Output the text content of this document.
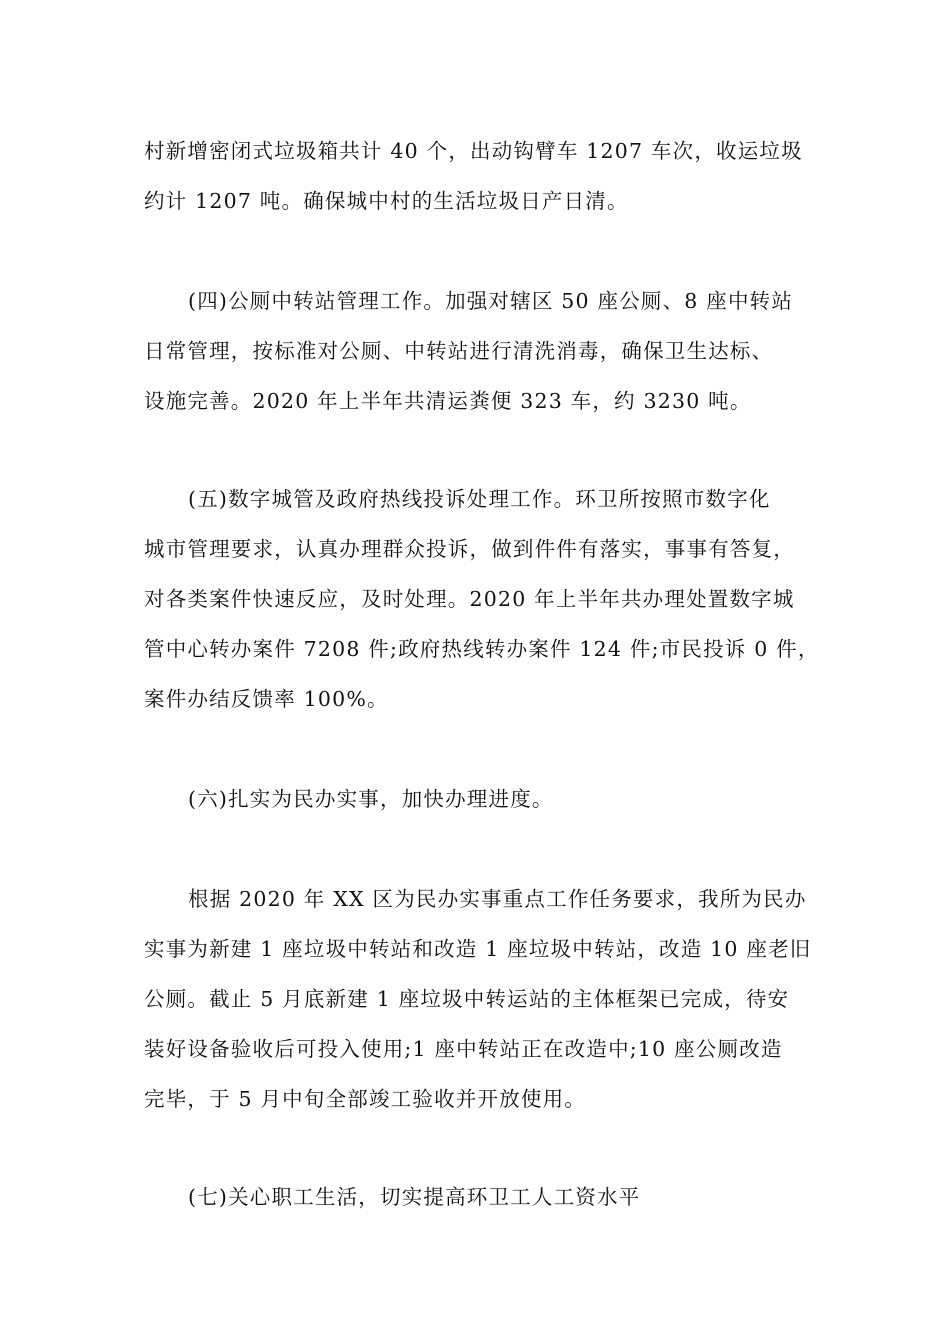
村新增密闭式垃圾箱共计 40 个，出动钩臂车 1207 车次，收运垃圾
约计 1207 吨。确保城中村的生活垃圾日产日清。
(四)公厕中转站管理工作。加强对辖区 50 座公厕、8 座中转站
日常管理，按标准对公厕、中转站进行清洗消毒，确保卫生达标、
设施完善。2020 年上半年共清运粪便 323 车，约 3230 吨。
(五)数字城管及政府热线投诉处理工作。环卫所按照市数字化
城市管理要求，认真办理群众投诉，做到件件有落实，事事有答复，
对各类案件快速反应，及时处理。2020 年上半年共办理处置数字城
管中心转办案件 7208 件;政府热线转办案件 124 件;市民投诉 0 件，
案件办结反馈率 100%。
(六)扎实为民办实事，加快办理进度。
根据 2020 年 XX 区为民办实事重点工作任务要求，我所为民办
实事为新建 1 座垃圾中转站和改造 1 座垃圾中转站，改造 10 座老旧
公厕。截止 5 月底新建 1 座垃圾中转运站的主体框架已完成，待安
装好设备验收后可投入使用;1 座中转站正在改造中;10 座公厕改造
完毕，于 5 月中旬全部竣工验收并开放使用。
(七)关心职工生活，切实提高环卫工人工资水平
